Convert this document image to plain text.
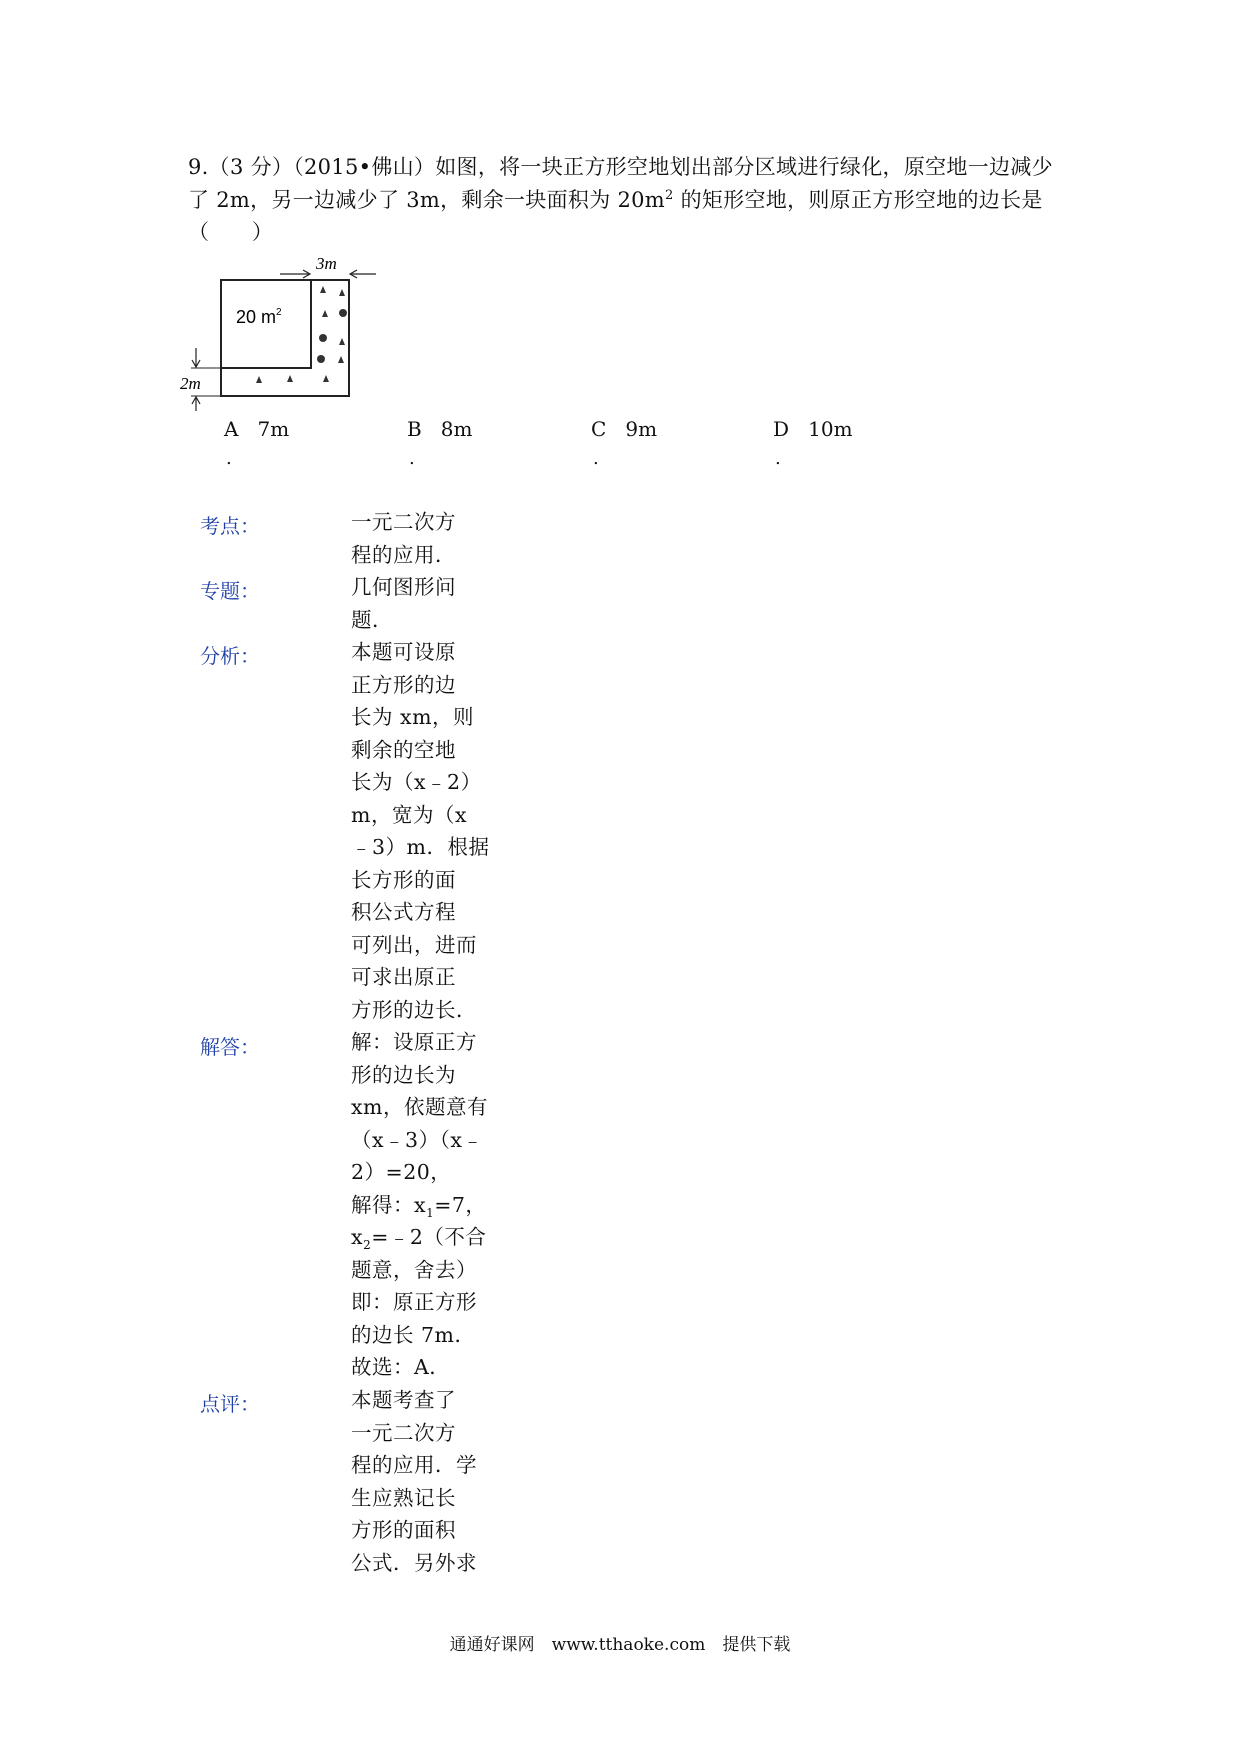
9.（3 分）（2015•佛山）如图，将一块正方形空地划出部分区域进行绿化，原空地一边减少
了 2m，另一边减少了 3m，剩余一块面积为 $20m^2$ 的矩形空地，则原正方形空地的边长是
（　　）
3m
2m
20 $m^2$
A 7m
.
B 8m
.
C 9m
.
D 10m
.
考点：
专题：
分析：
解答：
点评：
一元二次方
程的应用．
几何图形问
题．
本题可设原
正方形的边
长为 xm，则
剩余的空地
长为（x﹣2）
m，宽为（x
﹣3）m．根据
长方形的面
积公式方程
可列出，进而
可求出原正
方形的边长．
解：设原正方
形的边长为
xm，依题意有
（x﹣3）（x﹣
2）=20，
解得：$x_1=7$，
$x_2=﹣2$（不合
题意，舍去）
即：原正方形
的边长 7m．
故选：A．
本题考查了
一元二次方
程的应用．学
生应熟记长
方形的面积
公式．另外求
通通好课网　www.tthaoke.com　提供下载
